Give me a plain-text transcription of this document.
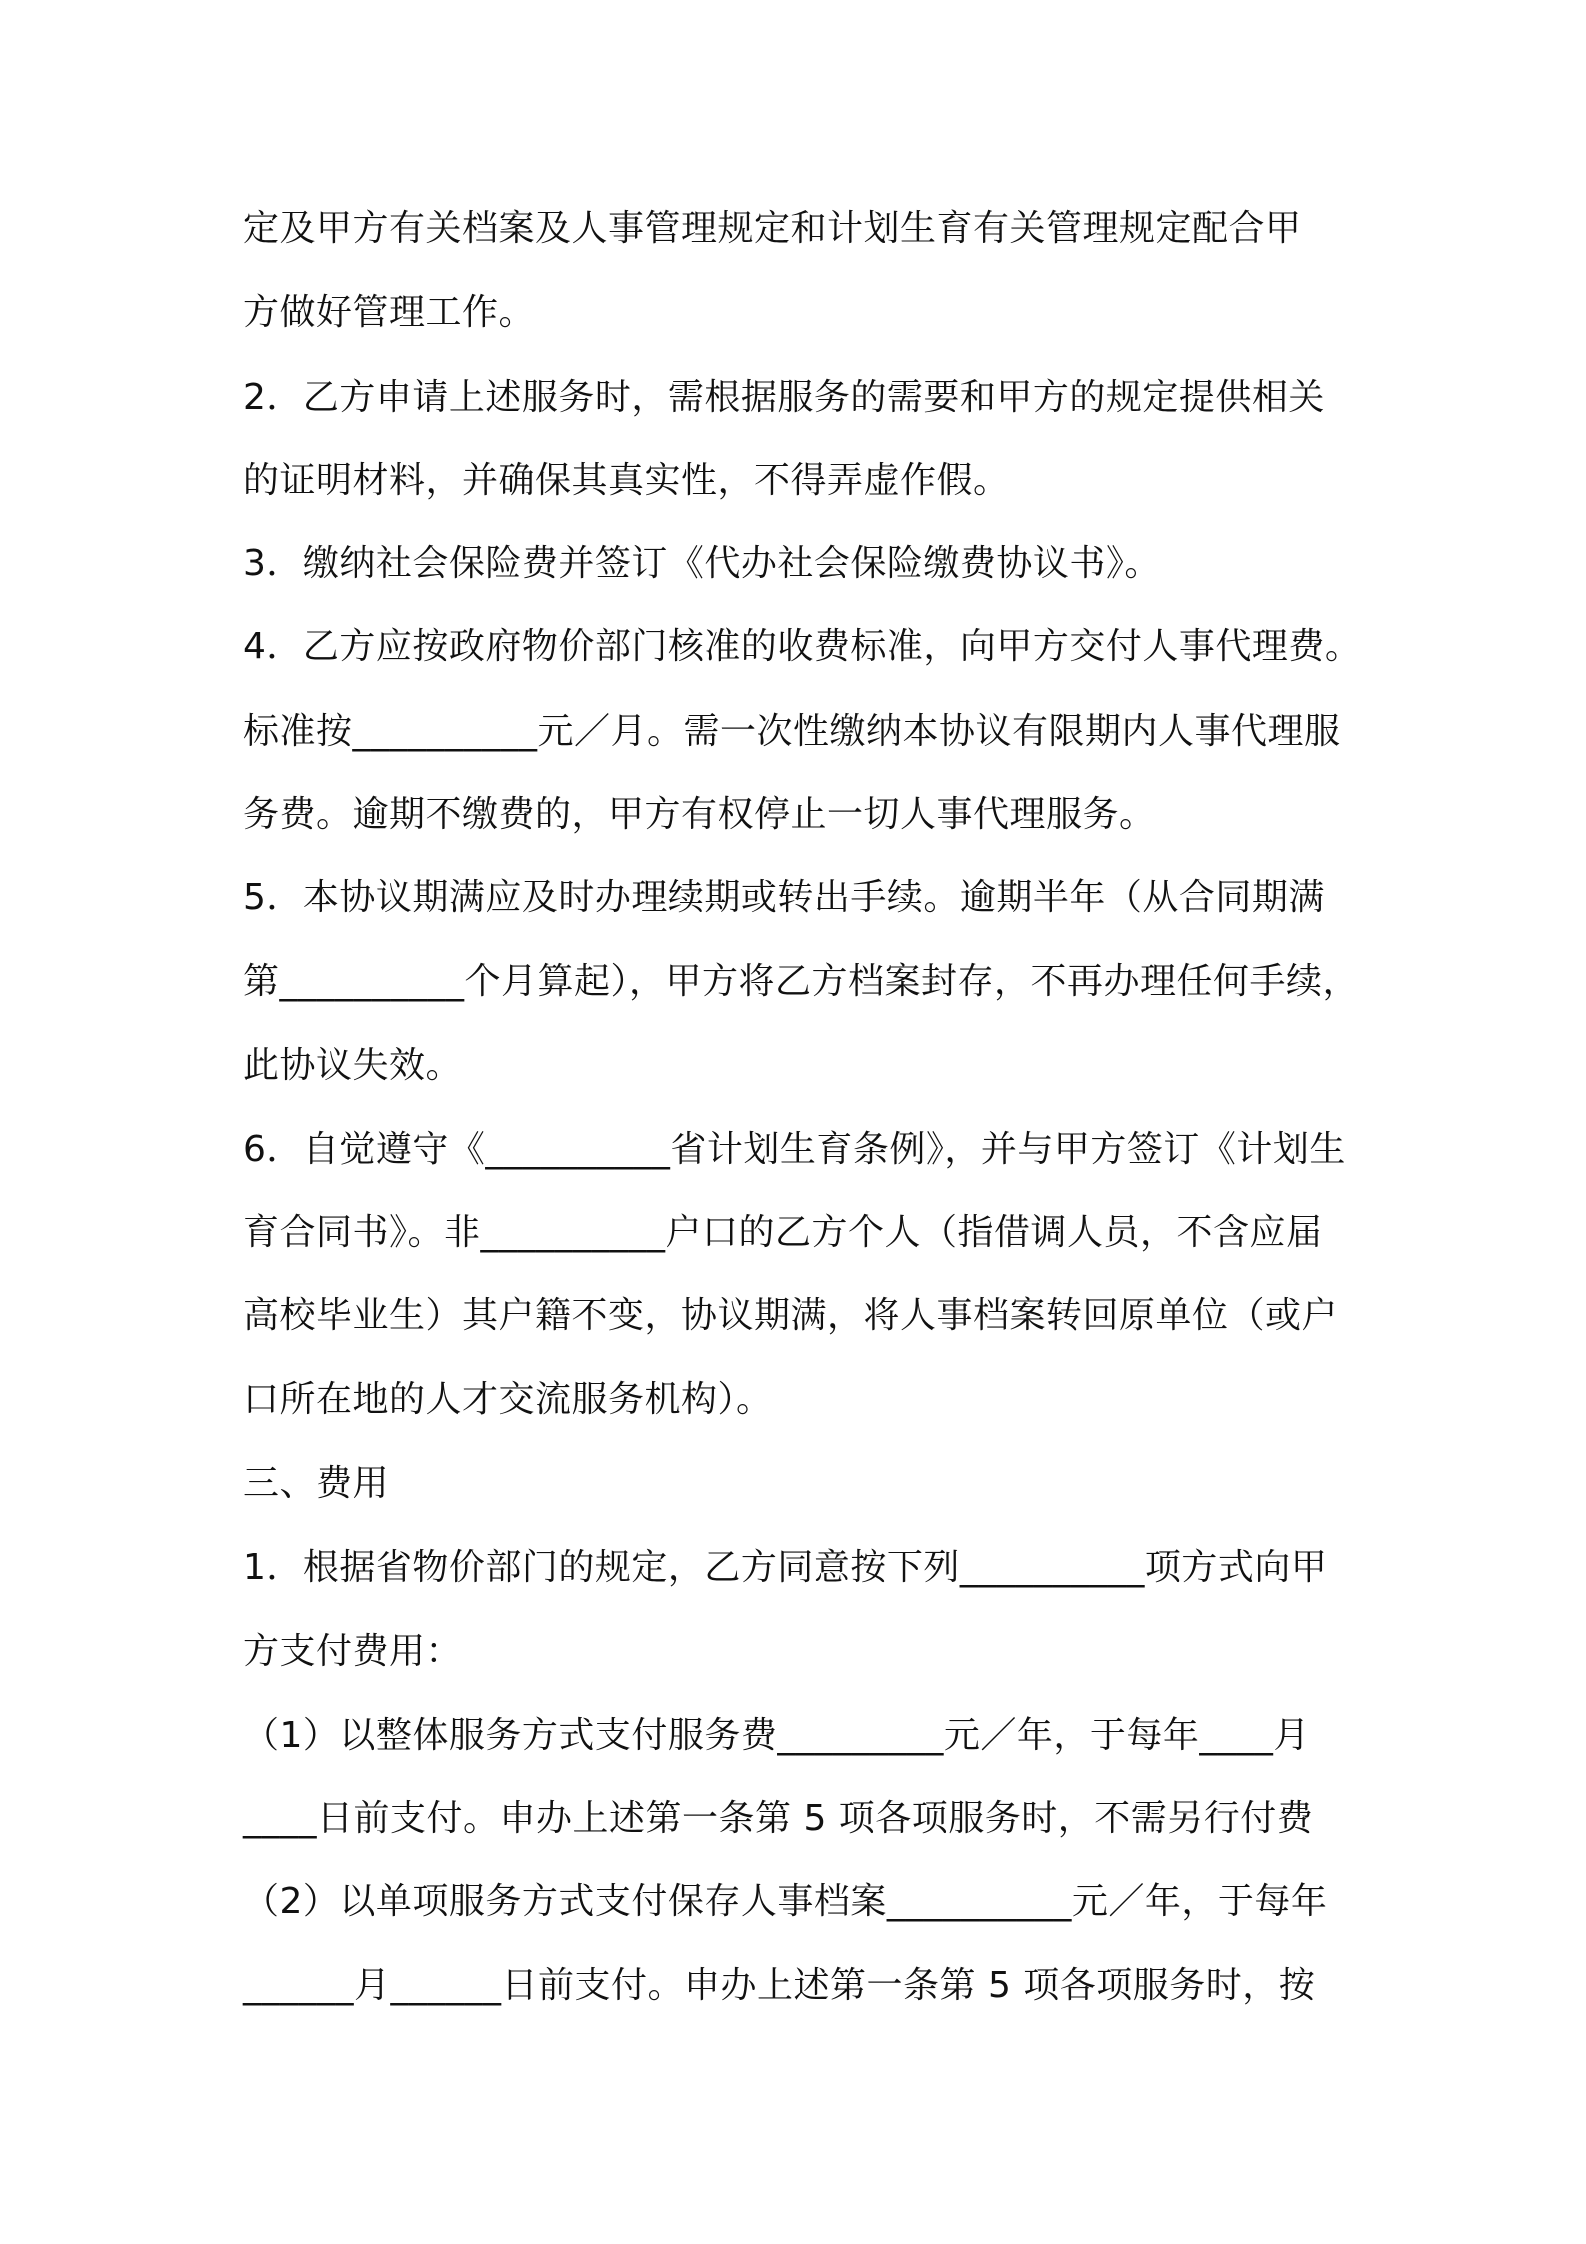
定及甲方有关档案及人事管理规定和计划生育有关管理规定配合甲
方做好管理工作。
2．乙方申请上述服务时，需根据服务的需要和甲方的规定提供相关
的证明材料，并确保其真实性，不得弄虚作假。
3．缴纳社会保险费并签订《代办社会保险缴费协议书》。
4．乙方应按政府物价部门核准的收费标准，向甲方交付人事代理费。
标准按__________元／月。需一次性缴纳本协议有限期内人事代理服
务费。逾期不缴费的，甲方有权停止一切人事代理服务。
5．本协议期满应及时办理续期或转出手续。逾期半年（从合同期满
第__________个月算起），甲方将乙方档案封存，不再办理任何手续，
此协议失效。
6．自觉遵守《__________省计划生育条例》，并与甲方签订《计划生
育合同书》。非__________户口的乙方个人（指借调人员，不含应届
高校毕业生）其户籍不变，协议期满，将人事档案转回原单位（或户
口所在地的人才交流服务机构）。
三、费用
1．根据省物价部门的规定，乙方同意按下列__________项方式向甲
方支付费用：
（1）以整体服务方式支付服务费_________元／年，于每年____月
____日前支付。申办上述第一条第 5 项各项服务时，不需另行付费
（2）以单项服务方式支付保存人事档案__________元／年，于每年
______月______日前支付。申办上述第一条第 5 项各项服务时，按
